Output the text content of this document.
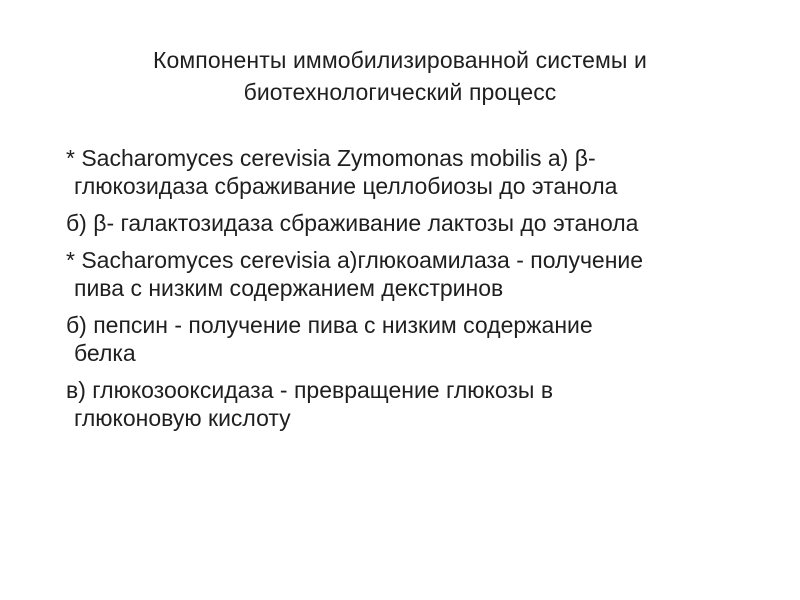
Компоненты иммобилизированной системы и
биотехнологический процесс
* Sacharomyces cerevisia Zymomonas mobilis а) β-
глюкозидаза сбраживание целлобиозы до этанола
б) β- галактозидаза сбраживание лактозы до этанола
* Sacharomyces cerevisia а)глюкоамилаза - получение
пива с низким содержанием декстринов
б) пепсин - получение пива с низким содержание
белка
в) глюкозооксидаза - превращение глюкозы в
глюконовую кислоту
